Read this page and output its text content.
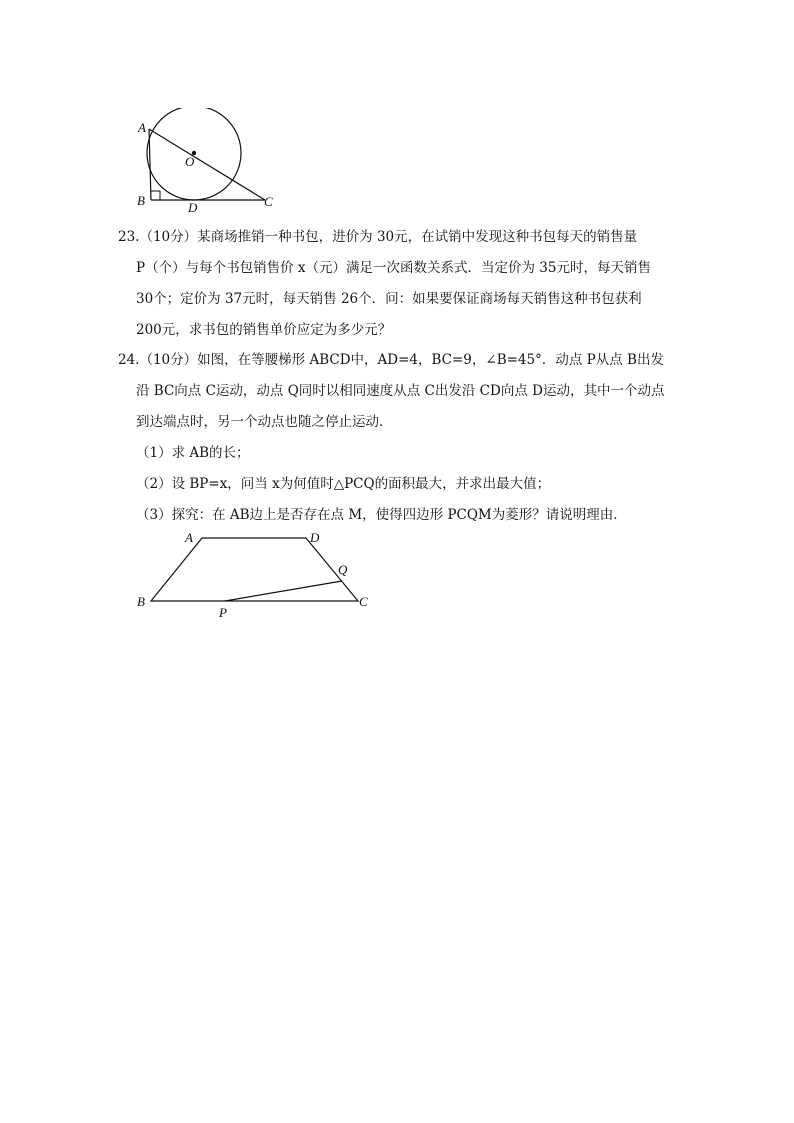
A
O
B	D	C
23.（10分）某商场推销一种书包，进价为 30元，在试销中发现这种书包每天的销售量
P（个）与每个书包销售价 x（元）满足一次函数关系式．当定价为 35元时，每天销售
30个；定价为 37元时，每天销售 26个．问：如果要保证商场每天销售这种书包获利
200元，求书包的销售单价应定为多少元？
24.（10分）如图，在等腰梯形 ABCD中，AD=4，BC=9，∠B=45°．动点 P从点 B出发
沿 BC向点 C运动，动点 Q同时以相同速度从点 C出发沿 CD向点 D运动，其中一个动点
到达端点时，另一个动点也随之停止运动．
（1）求 AB的长；
（2）设 BP=x，问当 x为何值时△PCQ的面积最大，并求出最大值；
（3）探究：在 AB边上是否存在点 M，使得四边形 PCQM为菱形？请说明理由．
A	D
Q
B	C
P
